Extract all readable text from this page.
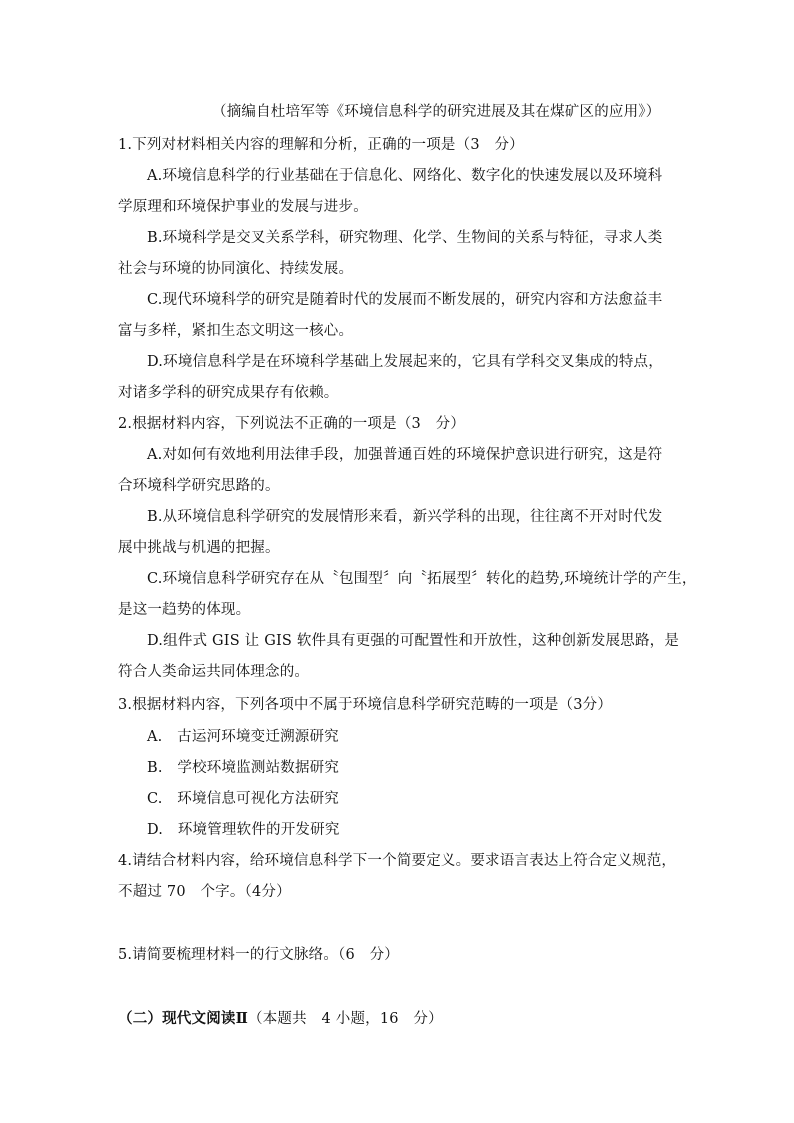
（摘编自杜培军等《环境信息科学的研究进展及其在煤矿区的应用》）
1.下列对材料相关内容的理解和分析，正确的一项是（3　分）
A.环境信息科学的行业基础在于信息化、网络化、数字化的快速发展以及环境科
学原理和环境保护事业的发展与进步。
B.环境科学是交叉关系学科，研究物理、化学、生物间的关系与特征，寻求人类
社会与环境的协同演化、持续发展。
C.现代环境科学的研究是随着时代的发展而不断发展的，研究内容和方法愈益丰
富与多样，紧扣生态文明这一核心。
D.环境信息科学是在环境科学基础上发展起来的，它具有学科交叉集成的特点，
对诸多学科的研究成果存有依赖。
2.根据材料内容，下列说法不正确的一项是（3　分）
A.对如何有效地利用法律手段，加强普通百姓的环境保护意识进行研究，这是符
合环境科学研究思路的。
B.从环境信息科学研究的发展情形来看，新兴学科的出现，往往离不开对时代发
展中挑战与机遇的把握。
C.环境信息科学研究存在从〝包围型〞向〝拓展型〞转化的趋势,环境统计学的产生，
是这一趋势的体现。
D.组件式 GIS 让 GIS 软件具有更强的可配置性和开放性，这种创新发展思路，是
符合人类命运共同体理念的。
3.根据材料内容，下列各项中不属于环境信息科学研究范畴的一项是（3分）
A.　古运河环境变迁溯源研究
B.　学校环境监测站数据研究
C.　环境信息可视化方法研究
D.　环境管理软件的开发研究
4.请结合材料内容，给环境信息科学下一个简要定义。要求语言表达上符合定义规范，
不超过 70　个字。（4分）
5.请简要梳理材料一的行文脉络。（6　分）
（二）现代文阅读Ⅱ（本题共　4 小题，16　分）
